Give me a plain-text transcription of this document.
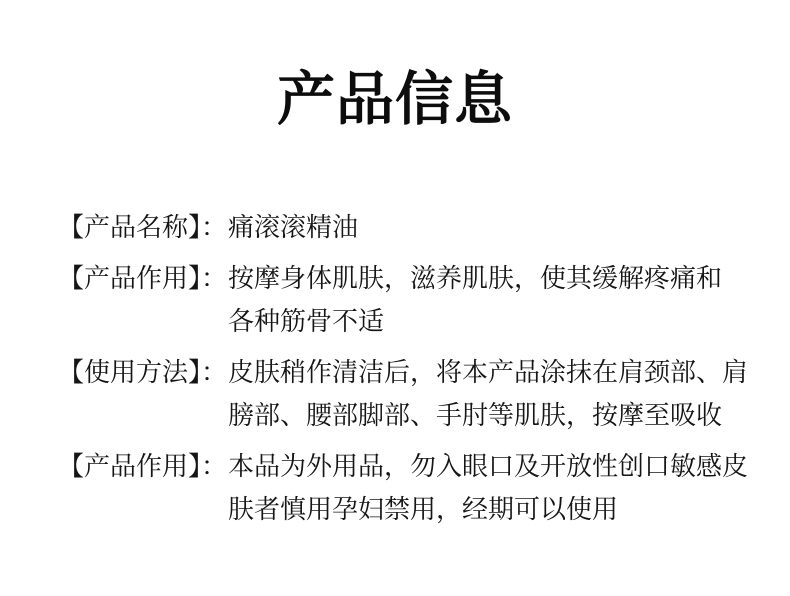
产品信息
【产品名称】： 痛滚滚精油
【产品作用】： 按摩身体肌肤，滋养肌肤，使其缓解疼痛和
各种筋骨不适
【使用方法】： 皮肤稍作清洁后，将本产品涂抹在肩颈部、肩
膀部、腰部脚部、手肘等肌肤，按摩至吸收
【产品作用】： 本品为外用品，勿入眼口及开放性创口敏感皮
肤者慎用孕妇禁用，经期可以使用
